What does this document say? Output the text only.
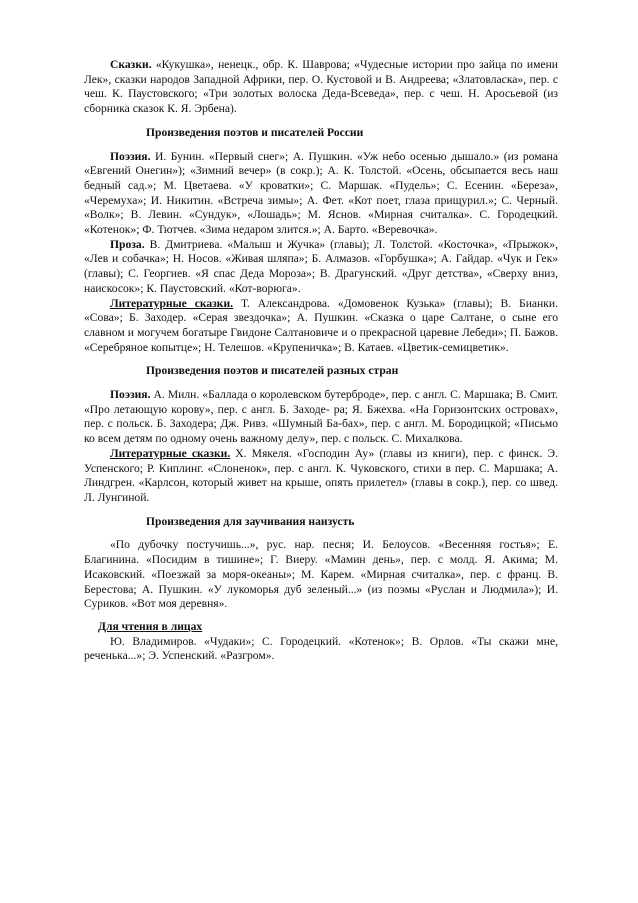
Сказки. «Кукушка», ненецк., обр. К. Шаврова; «Чудесные истории про зайца по имени Лек», сказки народов Западной Африки, пер. О. Кустовой и В. Андреева; «Златовласка», пер. с чеш. К. Паустовского; «Три золотых волоска Деда-Всеведа», пер. с чеш. Н. Аросьевой (из сборника сказок К. Я. Эрбена).

Произведения поэтов и писателей России

Поэзия. И. Бунин. «Первый снег»; А. Пушкин. «Уж небо осенью дышало.» (из романа «Евгений Онегин»); «Зимний вечер» (в сокр.); А. К. Толстой. «Осень, обсыпается весь наш бедный сад.»; М. Цветаева. «У кроватки»; С. Маршак. «Пудель»; С. Есенин. «Береза», «Черемуха»; И. Никитин. «Встреча зимы»; А. Фет. «Кот поет, глаза прищурил.»; С. Черный. «Волк»; В. Левин. «Сундук», «Лошадь»; М. Яснов. «Мирная считалка». С. Городецкий. «Котенок»; Ф. Тютчев. «Зима недаром злится.»; А. Барто. «Веревочка».

Проза. В. Дмитриева. «Малыш и Жучка» (главы); Л. Толстой. «Косточка», «Прыжок», «Лев и собачка»; Н. Носов. «Живая шляпа»; Б. Алмазов. «Горбушка»; А. Гайдар. «Чук и Гек» (главы); С. Георгиев. «Я спас Деда Мороза»; В. Драгунский. «Друг детства», «Сверху вниз, наискосок»; К. Паустовский. «Кот-ворюга».

Литературные сказки. Т. Александрова. «Домовенок Кузька» (главы); В. Бианки. «Сова»; Б. Заходер. «Серая звездочка»; А. Пушкин. «Сказка о царе Салтане, о сыне его славном и могучем богатыре Гвидоне Салтановиче и о прекрасной царевне Лебеди»; П. Бажов. «Серебряное копытце»; Н. Телешов. «Крупеничка»; В. Катаев. «Цветик-семицветик».

Произведения поэтов и писателей разных стран

Поэзия. А. Милн. «Баллада о королевском бутерброде», пер. с англ. С. Маршака; В. Смит. «Про летающую корову», пер. с англ. Б. Заходе- ра; Я. Бжехва. «На Горизонтских островах», пер. с польск. Б. Заходера; Дж. Ривз. «Шумный Ба-бах», пер. с англ. М. Бородицкой; «Письмо ко всем детям по одному очень важному делу», пер. с польск. С. Михалкова.

Литературные сказки. Х. Мякеля. «Господин Ау» (главы из книги), пер. с финск. Э. Успенского; Р. Киплинг. «Слоненок», пер. с англ. К. Чуковского, стихи в пер. С. Маршака; А. Линдгрен. «Карлсон, который живет на крыше, опять прилетел» (главы в сокр.), пер. со швед. Л. Лунгиной.

Произведения для заучивания наизусть

«По дубочку постучишь...», рус. нар. песня; И. Белоусов. «Весенняя гостья»; Е. Благинина. «Посидим в тишине»; Г. Виеру. «Мамин день», пер. с молд. Я. Акима; М. Исаковский. «Поезжай за моря-океаны»; М. Карем. «Мирная считалка», пер. с франц. В. Берестова; А. Пушкин. «У лукоморья дуб зеленый...» (из поэмы «Руслан и Людмила»); И. Суриков. «Вот моя деревня».

Для чтения в лицах

Ю. Владимиров. «Чудаки»; С. Городецкий. «Котенок»; В. Орлов. «Ты скажи мне, реченька...»; Э. Успенский. «Разгром».
